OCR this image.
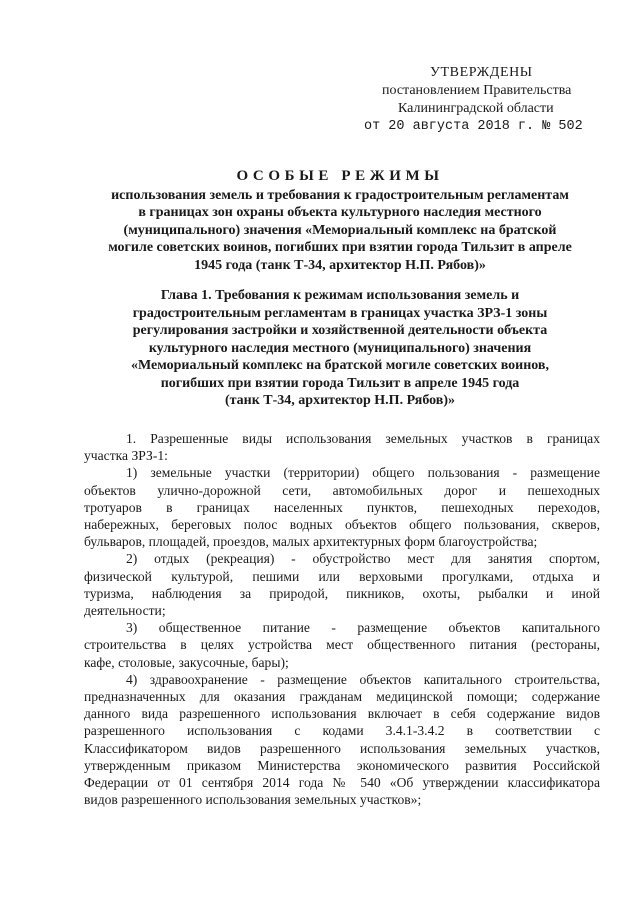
УТВЕРЖДЕНЫ
постановлением Правительства
Калининградской области
от 20 августа 2018 г. № 502
ОСОБЫЕ РЕЖИМЫ
использования земель и требования к градостроительным регламентам
в границах зон охраны объекта культурного наследия местного
(муниципального) значения «Мемориальный комплекс на братской
могиле советских воинов, погибших при взятии города Тильзит в апреле
1945 года (танк Т-34, архитектор Н.П. Рябов)»
Глава 1. Требования к режимам использования земель и
градостроительным регламентам в границах участка ЗРЗ-1 зоны
регулирования застройки и хозяйственной деятельности объекта
культурного наследия местного (муниципального) значения
«Мемориальный комплекс на братской могиле советских воинов,
погибших при взятии города Тильзит в апреле 1945 года
(танк Т-34, архитектор Н.П. Рябов)»
1. Разрешенные виды использования земельных участков в границах
участка ЗРЗ-1:
1) земельные участки (территории) общего пользования - размещение
объектов улично-дорожной сети, автомобильных дорог и пешеходных
тротуаров в границах населенных пунктов, пешеходных переходов,
набережных, береговых полос водных объектов общего пользования, скверов,
бульваров, площадей, проездов, малых архитектурных форм благоустройства;
2) отдых (рекреация) - обустройство мест для занятия спортом,
физической культурой, пешими или верховыми прогулками, отдыха и
туризма, наблюдения за природой, пикников, охоты, рыбалки и иной
деятельности;
3) общественное питание - размещение объектов капитального
строительства в целях устройства мест общественного питания (рестораны,
кафе, столовые, закусочные, бары);
4) здравоохранение - размещение объектов капитального строительства,
предназначенных для оказания гражданам медицинской помощи; содержание
данного вида разрешенного использования включает в себя содержание видов
разрешенного использования с кодами 3.4.1-3.4.2 в соответствии с
Классификатором видов разрешенного использования земельных участков,
утвержденным приказом Министерства экономического развития Российской
Федерации от 01 сентября 2014 года № 540 «Об утверждении классификатора
видов разрешенного использования земельных участков»;
